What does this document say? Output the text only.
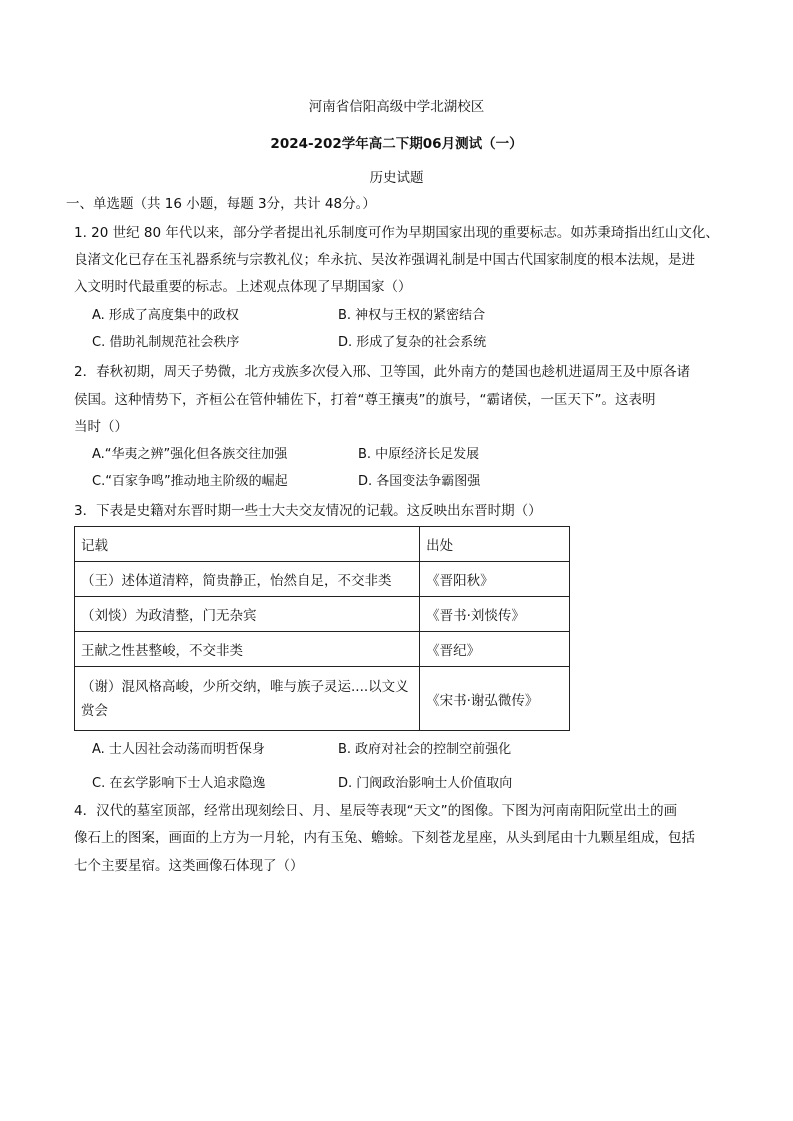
河南省信阳高级中学北湖校区
2024-202学年高二下期06月测试（一）
历史试题
一、单选题（共 16 小题，每题 3分，共计 48分。）
1. 20 世纪 80 年代以来，部分学者提出礼乐制度可作为早期国家出现的重要标志。如苏秉琦指出红山文化、
良渚文化已存在玉礼器系统与宗教礼仪；牟永抗、吴汝祚强调礼制是中国古代国家制度的根本法规，是进
入文明时代最重要的标志。上述观点体现了早期国家（）
A. 形成了高度集中的政权	B. 神权与王权的紧密结合
C. 借助礼制规范社会秩序	D. 形成了复杂的社会系统
2．春秋初期，周天子势微，北方戎族多次侵入邢、卫等国，此外南方的楚国也趁机进逼周王及中原各诸
侯国。这种情势下，齐桓公在管仲辅佐下，打着“尊王攘夷”的旗号，“霸诸侯，一匡天下”。这表明
当时（）
A.“华夷之辨”强化但各族交往加强	B. 中原经济长足发展
C.“百家争鸣”推动地主阶级的崛起	D. 各国变法争霸图强
3．下表是史籍对东晋时期一些士大夫交友情况的记载。这反映出东晋时期（）
记载	出处
（王）述体道清粹，简贵静正，怡然自足，不交非类	《晋阳秋》
（刘惔）为政清整，门无杂宾	《晋书·刘惔传》
王献之性甚整峻，不交非类	《晋纪》
（谢）混风格高峻，少所交纳，唯与族子灵运....以文义赏会	《宋书·谢弘微传》
A. 士人因社会动荡而明哲保身	B. 政府对社会的控制空前强化
C. 在玄学影响下士人追求隐逸	D. 门阀政治影响士人价值取向
4．汉代的墓室顶部，经常出现刻绘日、月、星辰等表现“天文”的图像。下图为河南南阳阮堂出土的画
像石上的图案，画面的上方为一月轮，内有玉兔、蟾蜍。下刻苍龙星座，从头到尾由十九颗星组成，包括
七个主要星宿。这类画像石体现了（）
